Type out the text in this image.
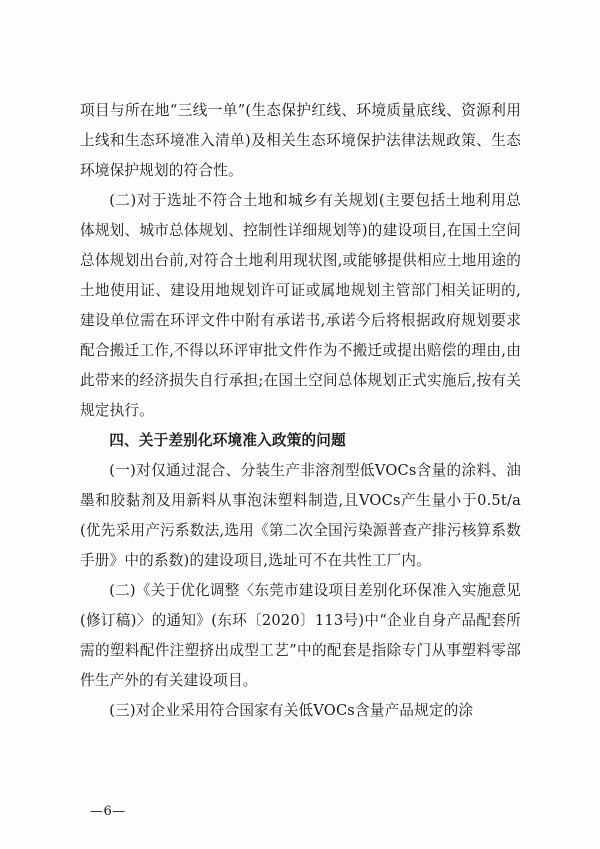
项目与所在地“三线一单”(生态保护红线、环境质量底线、资源利用上线和生态环境准入清单)及相关生态环境保护法律法规政策、生态环境保护规划的符合性。

(二)对于选址不符合土地和城乡有关规划(主要包括土地利用总体规划、城市总体规划、控制性详细规划等)的建设项目,在国土空间总体规划出台前,对符合土地利用现状图,或能够提供相应土地用途的土地使用证、建设用地规划许可证或属地规划主管部门相关证明的,建设单位需在环评文件中附有承诺书,承诺今后将根据政府规划要求配合搬迁工作,不得以环评审批文件作为不搬迁或提出赔偿的理由,由此带来的经济损失自行承担;在国土空间总体规划正式实施后,按有关规定执行。

四、关于差别化环境准入政策的问题

(一)对仅通过混合、分装生产非溶剂型低VOCs含量的涂料、油墨和胶黏剂及用新料从事泡沫塑料制造,且VOCs产生量小于0.5t/a(优先采用产污系数法,选用《第二次全国污染源普查产排污核算系数手册》中的系数)的建设项目,选址可不在共性工厂内。

(二)《关于优化调整〈东莞市建设项目差别化环保准入实施意见(修订稿)〉的通知》(东环〔2020〕113号)中“企业自身产品配套所需的塑料配件注塑挤出成型工艺”中的配套是指除专门从事塑料零部件生产外的有关建设项目。

(三)对企业采用符合国家有关低VOCs含量产品规定的涂

—6—
